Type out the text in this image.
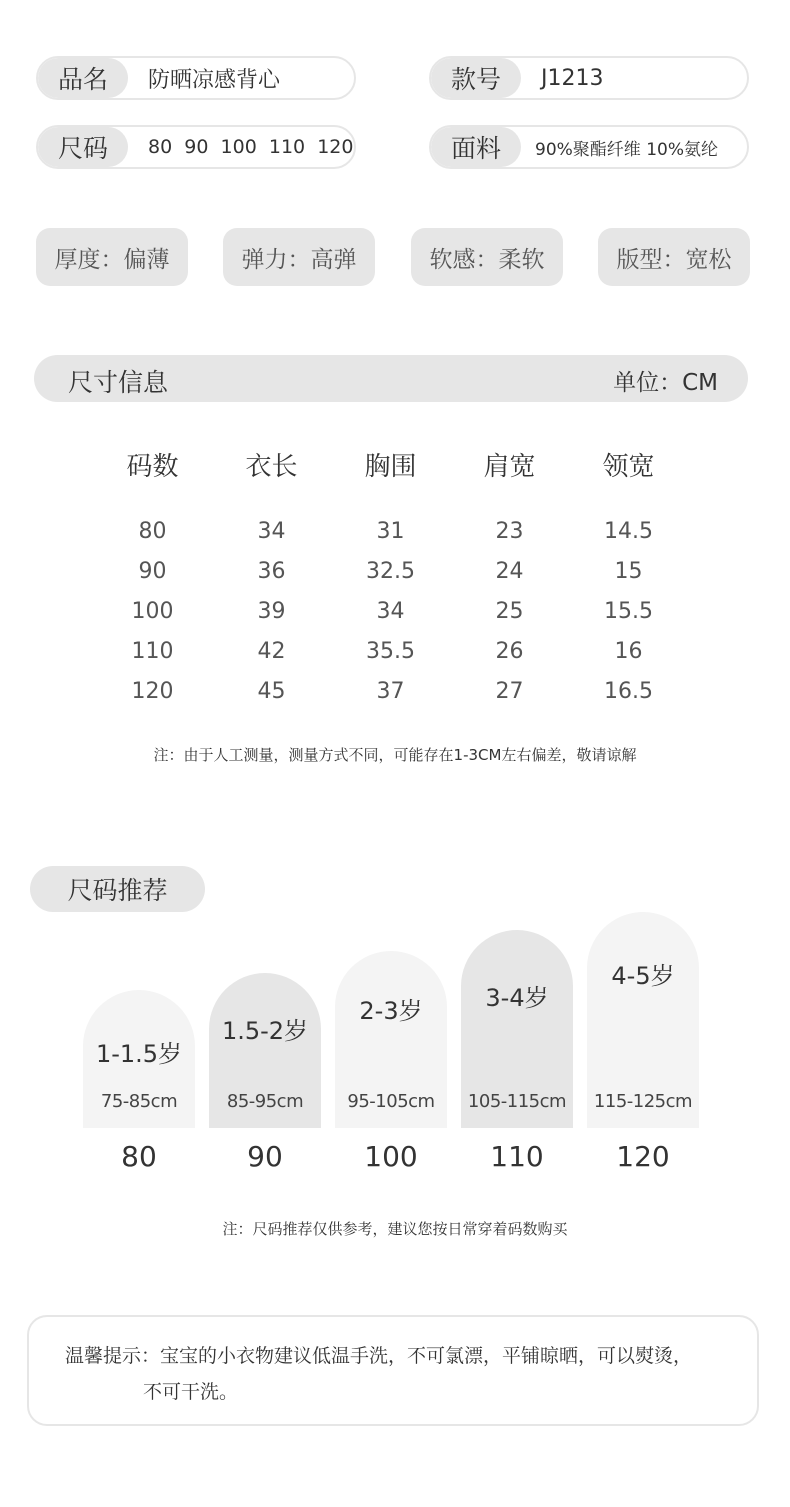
品名	防晒凉感背心	款号	J1213
尺码	80  90  100  110  120	面料	90%聚酯纤维 10%氨纶
厚度：偏薄	弹力：高弹	软感：柔软	版型：宽松
尺寸信息	单位：CM
码数	衣长	胸围	肩宽	领宽
80	34	31	23	14.5
90	36	32.5	24	15
100	39	34	25	15.5
110	42	35.5	26	16
120	45	37	27	16.5
注：由于人工测量，测量方式不同，可能存在1-3CM左右偏差，敬请谅解
尺码推荐
1-1.5岁
75-85cm
1.5-2岁
85-95cm
2-3岁
95-105cm
3-4岁
105-115cm
4-5岁
115-125cm
80	90	100	110	120
注：尺码推荐仅供参考，建议您按日常穿着码数购买
温馨提示：宝宝的小衣物建议低温手洗，不可氯漂，平铺晾晒，可以熨烫，
不可干洗。
